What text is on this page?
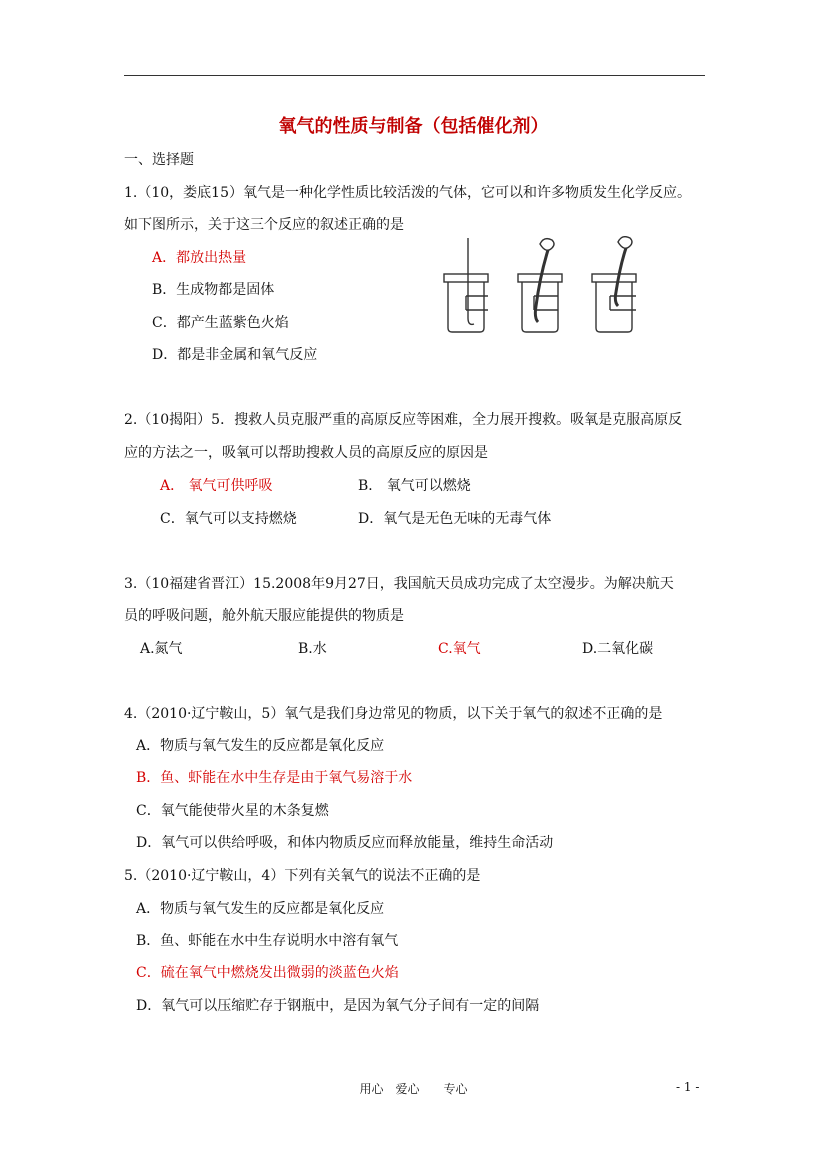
氧气的性质与制备（包括催化剂）
一、选择题
1.（10，娄底15）氧气是一种化学性质比较活泼的气体，它可以和许多物质发生化学反应。
如下图所示，关于这三个反应的叙述正确的是
A．都放出热量
B．生成物都是固体
C．都产生蓝紫色火焰
D．都是非金属和氧气反应
2.（10揭阳）5．搜救人员克服严重的高原反应等困难，全力展开搜救。吸氧是克服高原反
应的方法之一，吸氧可以帮助搜救人员的高原反应的原因是
A． 氧气可供呼吸	B． 氧气可以燃烧
C．氧气可以支持燃烧	D．氧气是无色无味的无毒气体
3.（10福建省晋江）15.2008年9月27日，我国航天员成功完成了太空漫步。为解决航天
员的呼吸问题，舱外航天服应能提供的物质是
A.氮气	B.水	C.氧气	D.二氧化碳
4.（2010·辽宁鞍山，5）氧气是我们身边常见的物质，以下关于氧气的叙述不正确的是
A．物质与氧气发生的反应都是氧化反应
B．鱼、虾能在水中生存是由于氧气易溶于水
C．氧气能使带火星的木条复燃
D．氧气可以供给呼吸，和体内物质反应而释放能量，维持生命活动
5.（2010·辽宁鞍山，4）下列有关氧气的说法不正确的是
A．物质与氧气发生的反应都是氧化反应
B．鱼、虾能在水中生存说明水中溶有氧气
C．硫在氧气中燃烧发出微弱的淡蓝色火焰
D．氧气可以压缩贮存于钢瓶中，是因为氧气分子间有一定的间隔
用心　爱心　　专心	- 1 -
